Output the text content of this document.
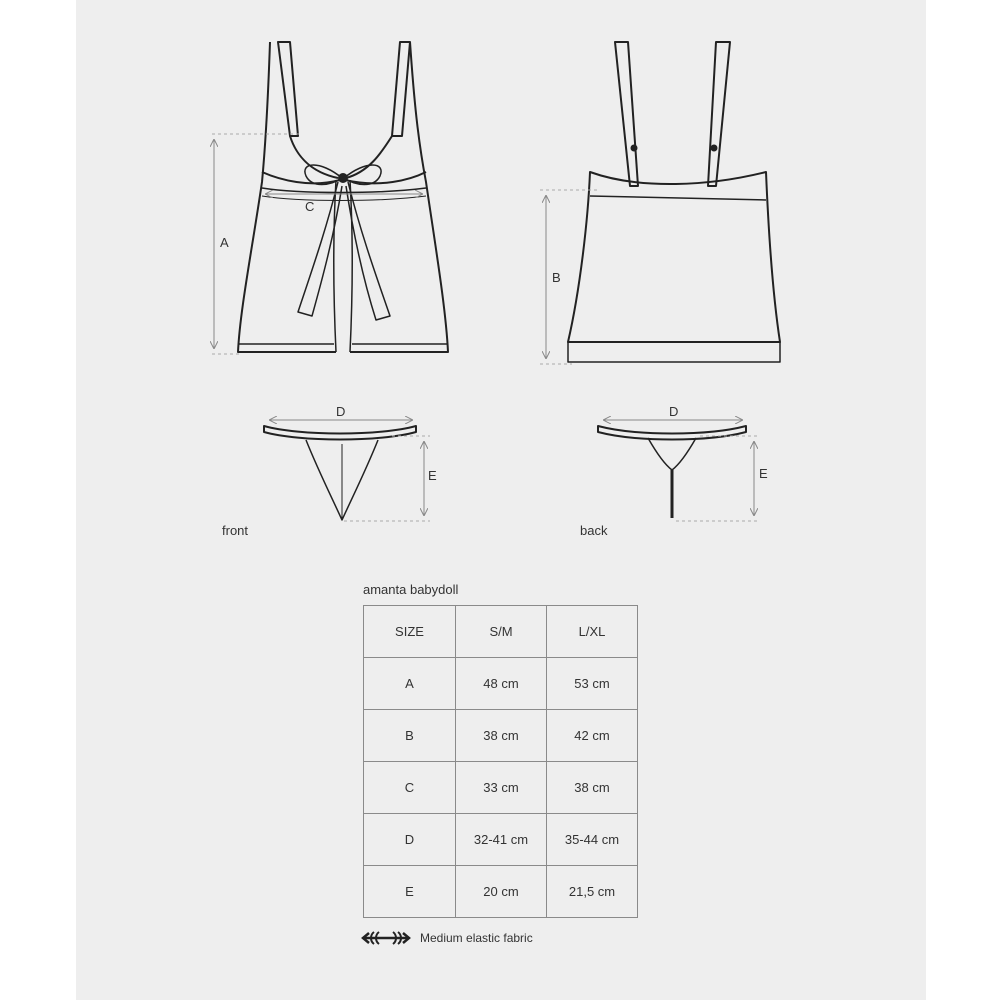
A
C
B
D	D
E	E
front	back
amanta babydoll
SIZE	S/M	L/XL
A	48 cm	53 cm
B	38 cm	42 cm
C	33 cm	38 cm
D	32-41 cm	35-44 cm
E	20 cm	21,5 cm
Medium elastic fabric
